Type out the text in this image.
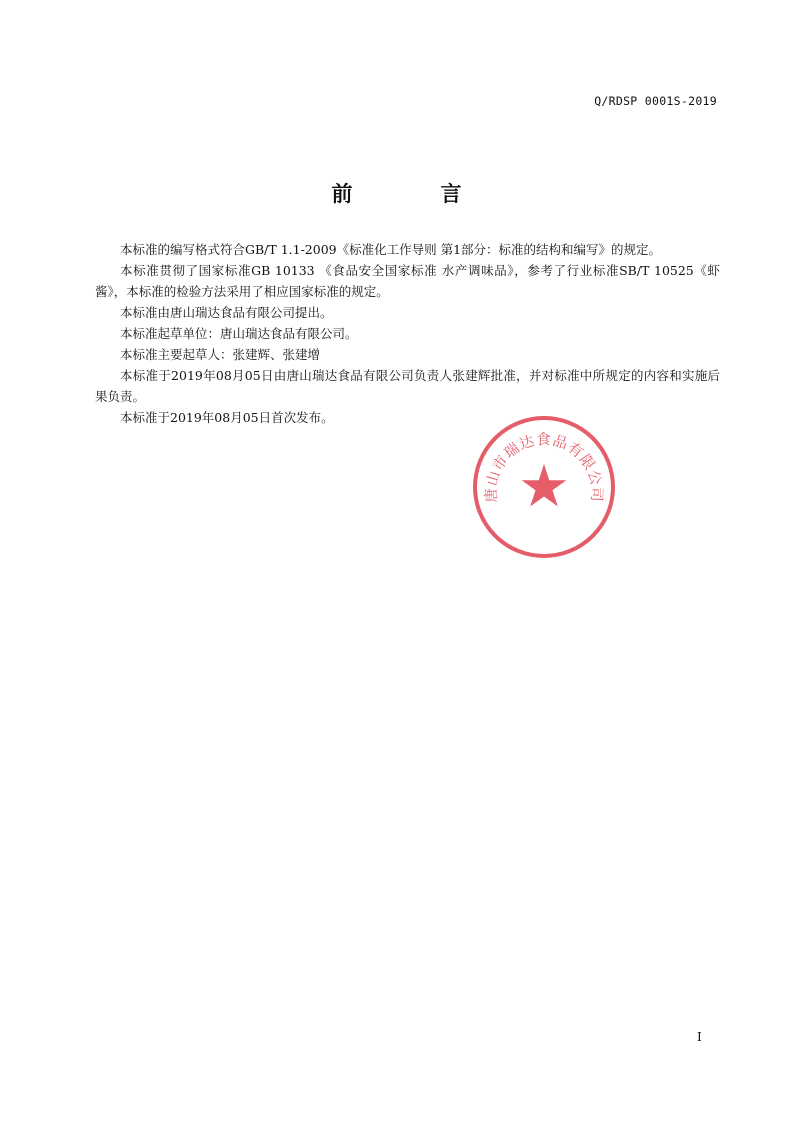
Q/RDSP 0001S-2019
前	言

本标准的编写格式符合GB/T 1.1-2009《标准化工作导则 第1部分：标准的结构和编写》的规定。

本标准贯彻了国家标准GB 10133 《食品安全国家标准 水产调味品》，参考了行业标准SB/T 10525《虾酱》，本标准的检验方法采用了相应国家标准的规定。

本标准由唐山瑞达食品有限公司提出。

本标准起草单位：唐山瑞达食品有限公司。

本标准主要起草人：张建辉、张建增

本标准于2019年08月05日由唐山瑞达食品有限公司负责人张建辉批准，并对标准中所规定的内容和实施后果负责。

本标准于2019年08月05日首次发布。

唐山市瑞达食品有限公司
I
